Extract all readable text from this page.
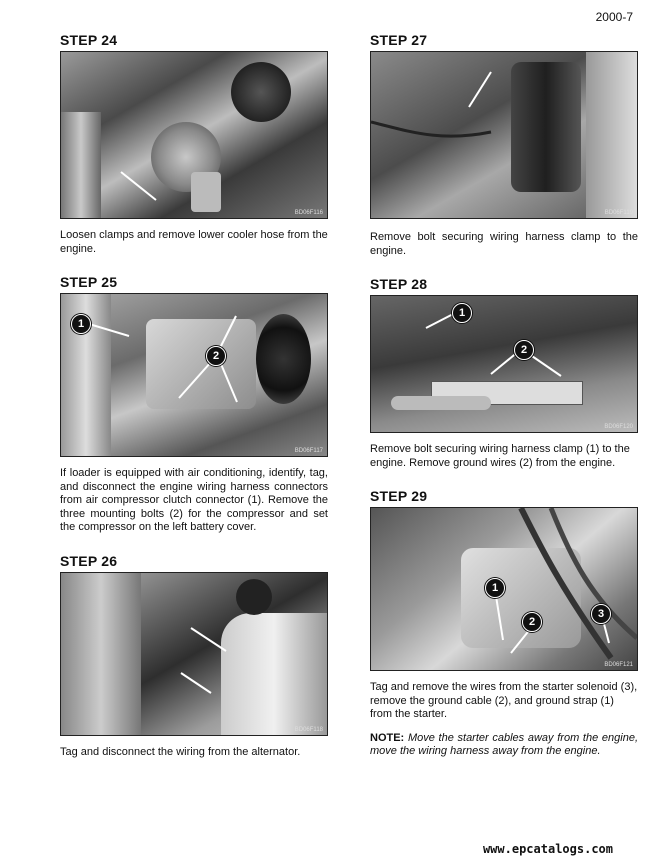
2000-7
STEP 24
BD06F116
Loosen clamps and remove lower cooler hose from the engine.
STEP 25
1
2
BD06F117
If loader is equipped with air conditioning, identify, tag, and disconnect the engine wiring harness connectors from air compressor clutch connector (1). Remove the three mounting bolts (2) for the compressor and set the compressor on the left battery cover.
STEP 26
BD06F118
Tag and disconnect the wiring from the alternator.
STEP 27
BD06F119
Remove bolt securing wiring harness clamp to the engine.
STEP 28
1
2
BD06F120
Remove bolt securing wiring harness clamp (1) to the engine. Remove ground wires (2) from the engine.
STEP 29
1
2
3
BD06F121
Tag and remove the wires from the starter solenoid (3), remove the ground cable (2), and ground strap (1) from the starter.
NOTE: Move the starter cables away from the engine, move the wiring harness away from the engine.
www.epcatalogs.com
